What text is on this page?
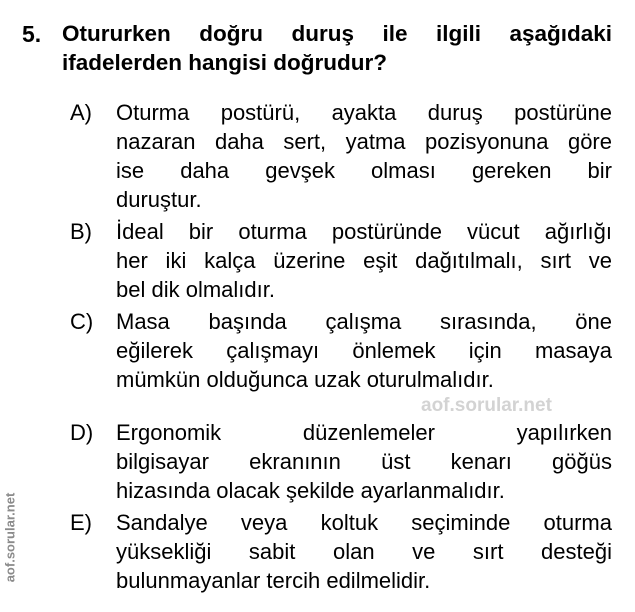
5. Otururken doğru duruş ile ilgili aşağıdaki
ifadelerden hangisi doğrudur?
A) Oturma postürü, ayakta duruş postürüne
nazaran daha sert, yatma pozisyonuna göre
ise daha gevşek olması gereken bir
duruştur.
B) İdeal bir oturma postüründe vücut ağırlığı
her iki kalça üzerine eşit dağıtılmalı, sırt ve
bel dik olmalıdır.
C) Masa başında çalışma sırasında, öne
eğilerek çalışmayı önlemek için masaya
mümkün olduğunca uzak oturulmalıdır.
aof.sorular.net
D) Ergonomik düzenlemeler yapılırken
bilgisayar ekranının üst kenarı göğüs
hizasında olacak şekilde ayarlanmalıdır.
E) Sandalye veya koltuk seçiminde oturma
yüksekliği sabit olan ve sırt desteği
bulunmayanlar tercih edilmelidir.
aof.sorular.net
